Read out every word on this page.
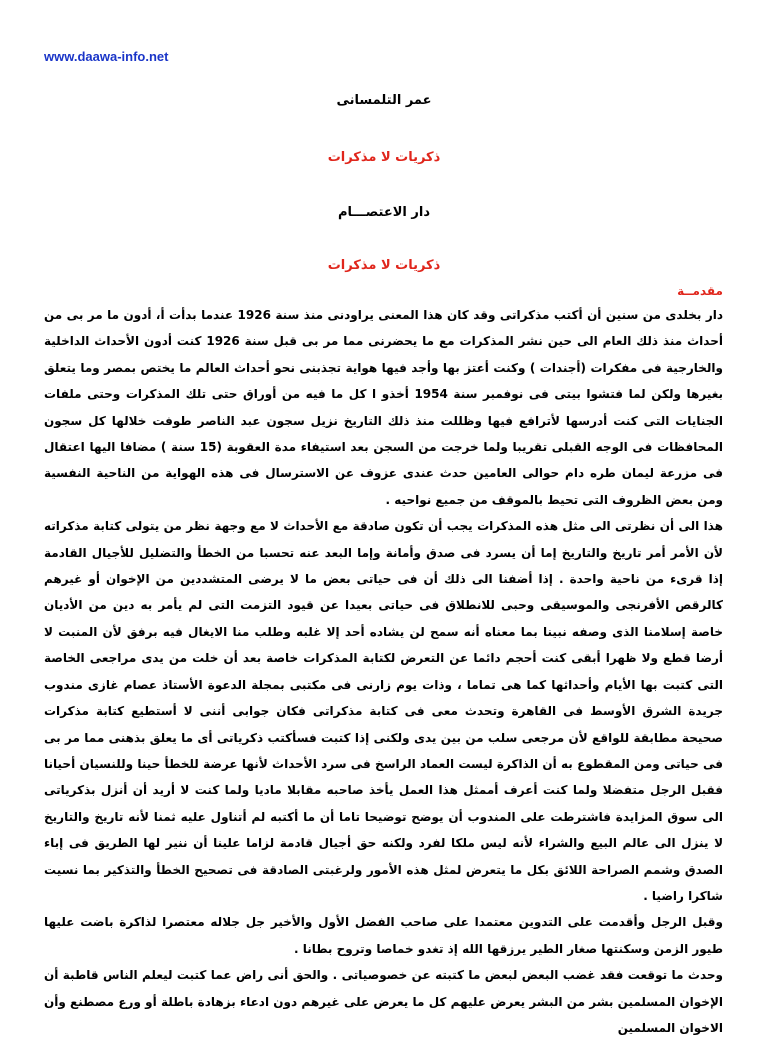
www.daawa-info.net
عمر التلمسانى
ذكريات لا مذكرات
دار الاعتصـــام
ذكريات لا مذكرات
مقدمــة

دار بخلدى من سنين أن أكتب مذكراتى وقد كان هذا المعنى يراودنى منذ سنة 1926 عندما بدأت أ، أدون ما مر بى من أحداث منذ ذلك العام الى حين نشر المذكرات مع ما يحضرنى مما مر بى قبل سنة 1926 كنت أدون الأحداث الداخلية والخارجية فى مفكرات (أجندات ) وكنت أعتز بها وأجد فيها هواية تجذبنى نحو أحداث العالم ما يختص بمصر وما يتعلق بغيرها ولكن لما فتشوا بيتى فى نوفمبر سنة 1954 أخذو ا كل ما فيه من أوراق حتى تلك المذكرات وحتى ملفات الجنايات التى كنت أدرسها لأترافع فيها وظللت منذ ذلك التاريخ نزيل سجون عبد الناصر طوفت خلالها كل سجون المحافظات فى الوجه القبلى تقريبا ولما خرجت من السجن بعد استيفاء مدة العقوبة (15 سنة ) مضافا اليها اعتقال فى مزرعة ليمان طره دام حوالى العامين حدث عندى عزوف عن الاسترسال فى هذه الهواية من الناحية النفسية ومن بعض الظروف التى تحيط بالموقف من جميع نواحيه .

هذا الى أن نظرتى الى مثل هذه المذكرات يجب أن تكون صادقة مع الأحداث لا مع وجهة نظر من يتولى كتابة مذكراته لأن الأمر أمر تاريخ والتاريخ إما أن يسرد فى صدق وأمانة وإما البعد عنه تحسبا من الخطأ والتضليل للأجيال القادمة إذا قرىء من ناحية واحدة . إذا أضفنا الى ذلك أن فى حياتى بعض ما لا يرضى المتشددين من الإخوان أو غيرهم كالرقص الأفرنجى والموسيقى وحبى للانطلاق فى حياتى بعيدا عن قيود التزمت التى لم يأمر به دين من الأديان خاصة إسلامنا الذى وصفه نبينا بما معناه أنه سمح لن يشاده أحد إلا غلبه وطلب منا الايغال فيه برفق لأن المنبت لا أرضا قطع ولا ظهرا أبقى كنت أحجم دائما عن التعرض لكتابة المذكرات خاصة بعد أن خلت من يدى مراجعى الخاصة التى كتبت بها الأيام وأحداثها كما هى تماما ، وذات يوم زارنى فى مكتبى بمجلة الدعوة الأستاذ عصام غازى مندوب جريدة الشرق الأوسط فى القاهرة وتحدث معى فى كتابة مذكراتى فكان جوابى أننى لا أستطيع كتابة مذكرات صحيحة مطابقة للواقع لأن مرجعى سلب من بين يدى ولكنى إذا كتبت فسأكتب ذكرياتى أى ما يعلق بذهنى مما مر بى فى حياتى ومن المقطوع به أن الذاكرة ليست العماد الراسخ فى سرد الأحداث لأنها عرضة للخطأ حينا وللنسيان أحيانا فقبل الرجل متفضلا ولما كنت أعرف أممثل هذا العمل يأخذ صاحبه مقابلا ماديا ولما كنت لا أريد أن أنزل بذكرياتى الى سوق المزايدة فاشترطت على المندوب أن يوضح توضيحا تاما أن ما أكتبه لم أتناول عليه ثمنا لأنه تاريخ والتاريخ لا ينزل الى عالم البيع والشراء لأنه ليس ملكا لفرد ولكنه حق أجيال قادمة لزاما علينا أن ننير لها الطريق فى إباء الصدق وشمم الصراحة اللائق بكل ما يتعرض لمثل هذه الأمور ولرغبتى الصادقة فى تصحيح الخطأ والتذكير بما نسيت شاكرا راضيا .

وقبل الرجل وأقدمت على التدوين معتمدا على صاحب الفضل الأول والأخير جل جلاله معتصرا لذاكرة باضت عليها طيور الزمن وسكنتها صغار الطير يرزقها الله إذ تغدو خماصا وتروح بطانا .

وحدث ما توقعت فقد غضب البعض لبعض ما كتبته عن خصوصياتى . والحق أنى راض عما كتبت ليعلم الناس قاطبة أن الإخوان المسلمين بشر من البشر يعرض عليهم كل ما يعرض على غيرهم دون ادعاء بزهادة باطلة أو ورع مصطنع وأن الاخوان المسلمين
